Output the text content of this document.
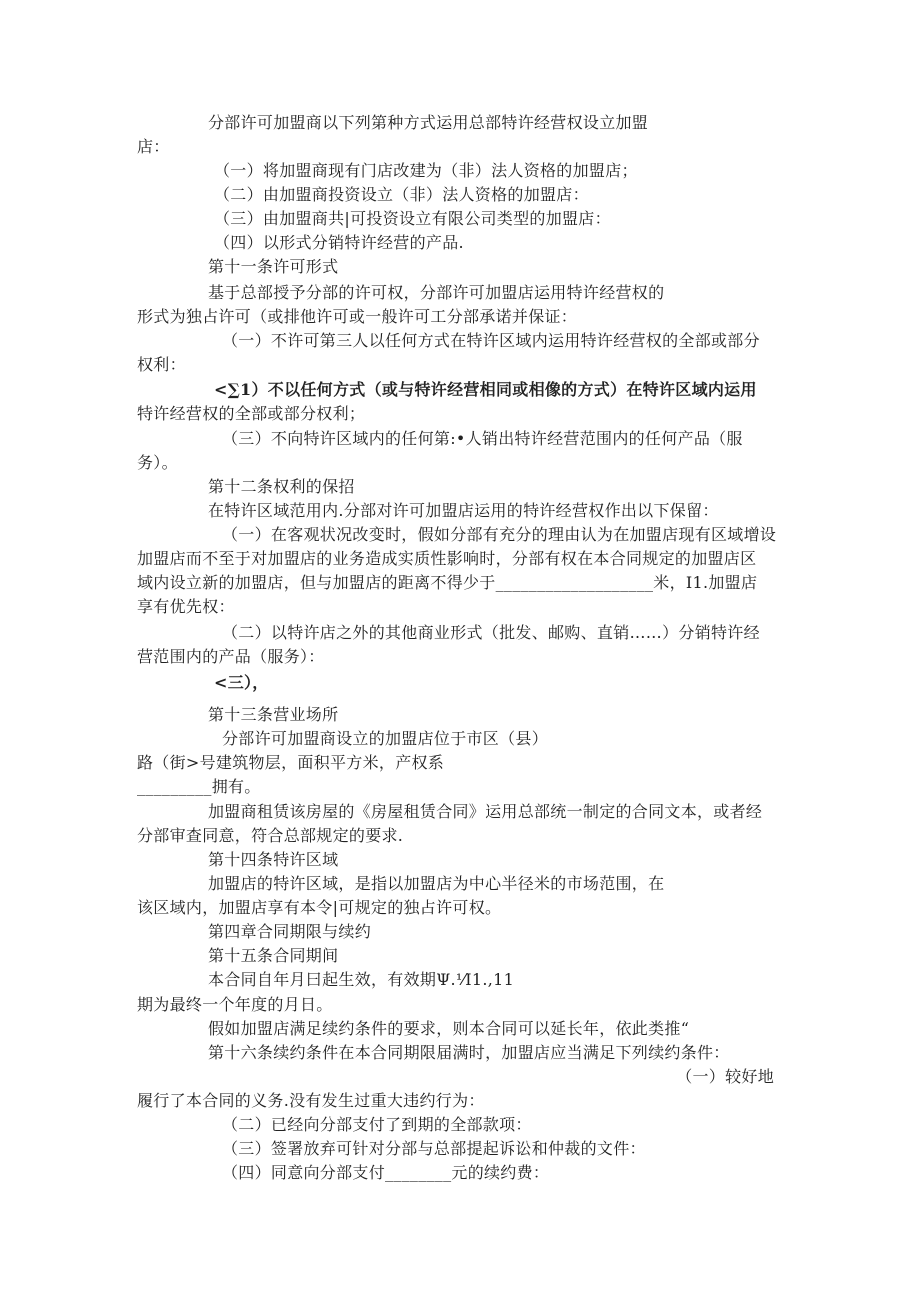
分部许可加盟商以下列第种方式运用总部特许经营权设立加盟
店：
（一）将加盟商现有门店改建为（非）法人资格的加盟店；
（二）由加盟商投资设立（非）法人资格的加盟店：
（三）由加盟商共|可投资设立有限公司类型的加盟店：
（四）以形式分销特许经营的产品.
第十一条许可形式
基于总部授予分部的许可权，分部许可加盟店运用特许经营权的
形式为独占许可（或排他许可或一般许可工分部承诺并保证：
（一）不许可第三人以任何方式在特许区域内运用特许经营权的全部或部分
权利：
<∑1）不以任何方式（或与特许经营相同或相像的方式）在特许区域内运用
特许经营权的全部或部分权利；
（三）不向特许区域内的任何第:•人销出特许经营范围内的任何产品（服
务）。
第十二条权利的保招
在特许区域范用内.分部对许可加盟店运用的特许经营权作出以下保留：
（一）在客观状况改变时，假如分部有充分的理由认为在加盟店现有区域增设
加盟店而不至于对加盟店的业务造成实质性影响时，分部有权在本合同规定的加盟店区
域内设立新的加盟店，但与加盟店的距离不得少于___________________米，I1.加盟店
享有优先权：
（二）以特许店之外的其他商业形式（批发、邮购、直销……）分销特许经
营范围内的产品（服务）：
<三），
第十三条营业场所
分部许可加盟商设立的加盟店位于市区（县）
路（街>号建筑物层，面积平方米，产权系
_________拥有。
加盟商租赁该房屋的《房屋租赁合同》运用总部统一制定的合同文本，或者经
分部审查同意，符合总部规定的要求.
第十四条特许区域
加盟店的特许区域，是指以加盟店为中心半径米的市场范围，在
该区域内，加盟店享有本令|可规定的独占许可权。
第四章合同期限与续约
第十五条合同期间
本合同自年月曰起生效，有效期Ψ.⅟I1.,11
期为最终一个年度的月日。
假如加盟店满足续约条件的要求，则本合同可以延长年，依此类推“
第十六条续约条件在本合同期限届满时，加盟店应当满足下列续约条件：
（一）较好地
履行了本合同的义务.没有发生过重大违约行为：
（二）已经向分部支付了到期的全部款项：
（三）签署放弃可针对分部与总部提起诉讼和仲裁的文件：
（四）同意向分部支付________元的续约费：
